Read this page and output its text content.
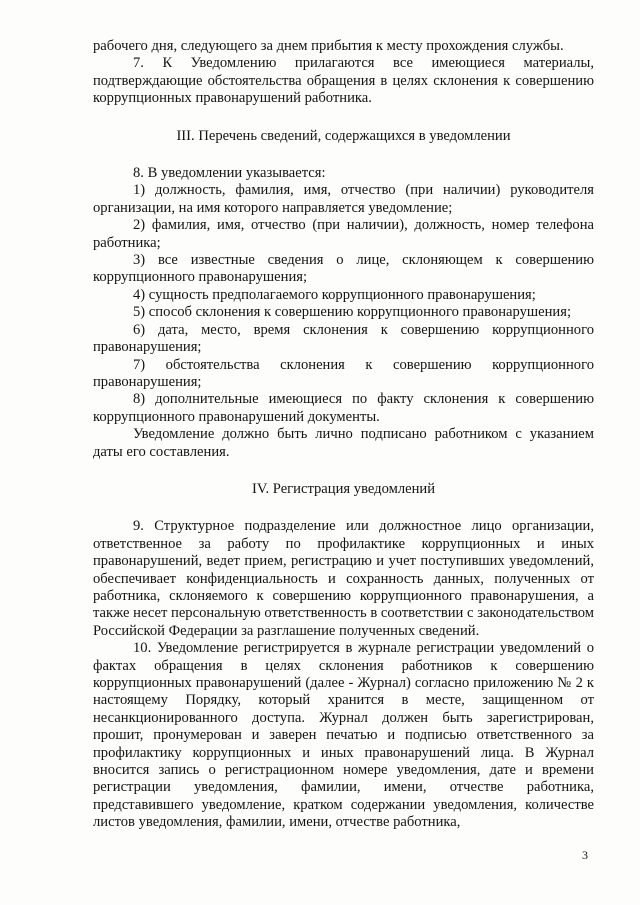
рабочего дня, следующего за днем прибытия к месту прохождения службы.

7. К Уведомлению прилагаются все имеющиеся материалы, подтверждающие обстоятельства обращения в целях склонения к совершению коррупционных правонарушений работника.

III. Перечень сведений, содержащихся в уведомлении

8. В уведомлении указывается:

1) должность, фамилия, имя, отчество (при наличии) руководителя организации, на имя которого направляется уведомление;

2) фамилия, имя, отчество (при наличии), должность, номер телефона работника;

3) все известные сведения о лице, склоняющем к совершению коррупционного правонарушения;

4) сущность предполагаемого коррупционного правонарушения;

5) способ склонения к совершению коррупционного правонарушения;

6) дата, место, время склонения к совершению коррупционного правонарушения;

7) обстоятельства склонения к совершению коррупционного правонарушения;

8) дополнительные имеющиеся по факту склонения к совершению коррупционного правонарушений документы.

Уведомление должно быть лично подписано работником с указанием даты его составления.

IV. Регистрация уведомлений

9. Структурное подразделение или должностное лицо организации, ответственное за работу по профилактике коррупционных и иных правонарушений, ведет прием, регистрацию и учет поступивших уведомлений, обеспечивает конфиденциальность и сохранность данных, полученных от работника, склоняемого к совершению коррупционного правонарушения, а также несет персональную ответственность в соответствии с законодательством Российской Федерации за разглашение полученных сведений.

10. Уведомление регистрируется в журнале регистрации уведомлений о фактах обращения в целях склонения работников к совершению коррупционных правонарушений (далее - Журнал) согласно приложению № 2 к настоящему Порядку, который хранится в месте, защищенном от несанкционированного доступа. Журнал должен быть зарегистрирован, прошит, пронумерован и заверен печатью и подписью ответственного за профилактику коррупционных и иных правонарушений лица. В Журнал вносится запись о регистрационном номере уведомления, дате и времени регистрации уведомления, фамилии, имени, отчестве работника, представившего уведомление, кратком содержании уведомления, количестве листов уведомления, фамилии, имени, отчестве работника,

3
